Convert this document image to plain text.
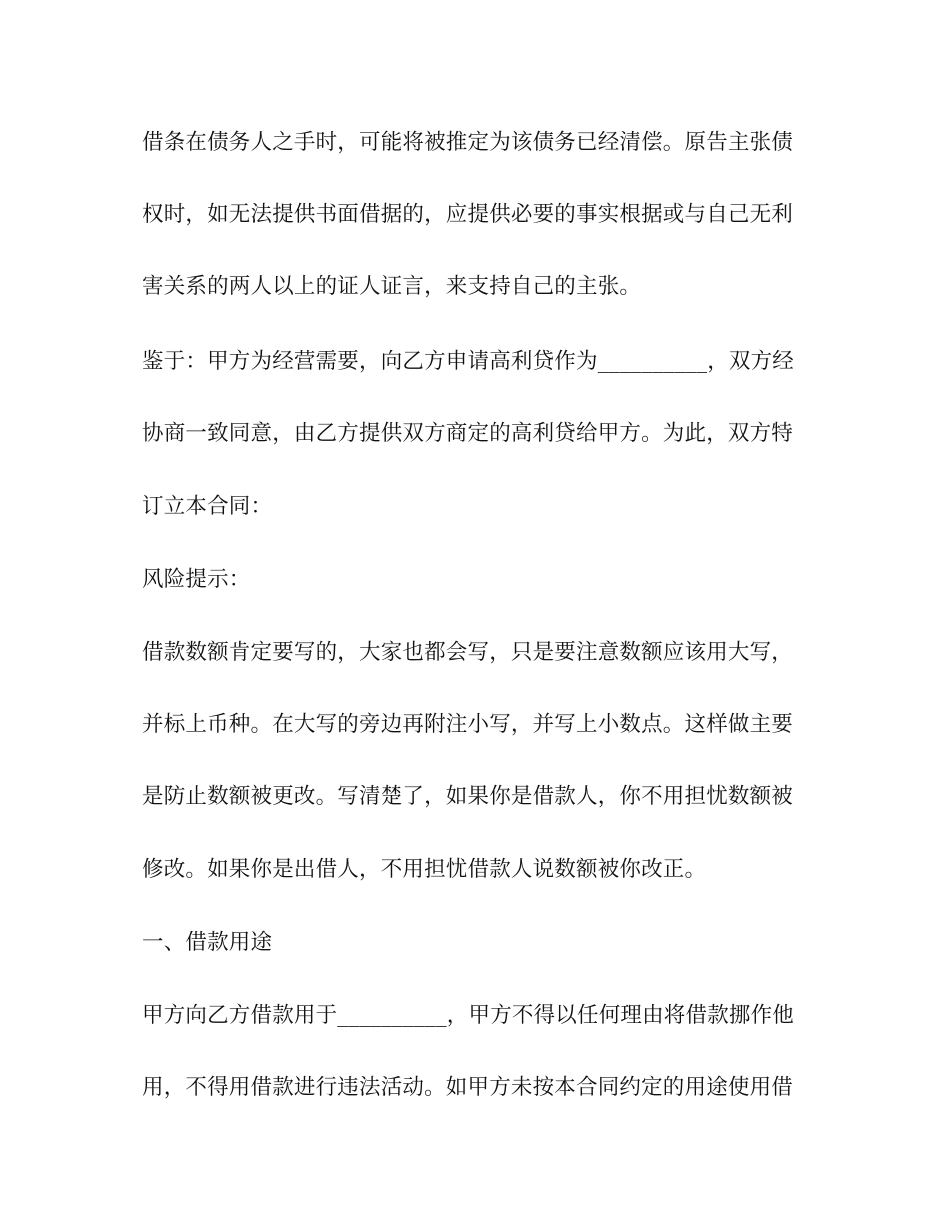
借条在债务人之手时，可能将被推定为该债务已经清偿。原告主张债
权时，如无法提供书面借据的，应提供必要的事实根据或与自己无利
害关系的两人以上的证人证言，来支持自己的主张。
鉴于：甲方为经营需要，向乙方申请高利贷作为__________，双方经
协商一致同意，由乙方提供双方商定的高利贷给甲方。为此，双方特
订立本合同：
风险提示：
借款数额肯定要写的，大家也都会写，只是要注意数额应该用大写，
并标上币种。在大写的旁边再附注小写，并写上小数点。这样做主要
是防止数额被更改。写清楚了，如果你是借款人，你不用担忧数额被
修改。如果你是出借人，不用担忧借款人说数额被你改正。
一、借款用途
甲方向乙方借款用于__________，甲方不得以任何理由将借款挪作他
用，不得用借款进行违法活动。如甲方未按本合同约定的用途使用借
